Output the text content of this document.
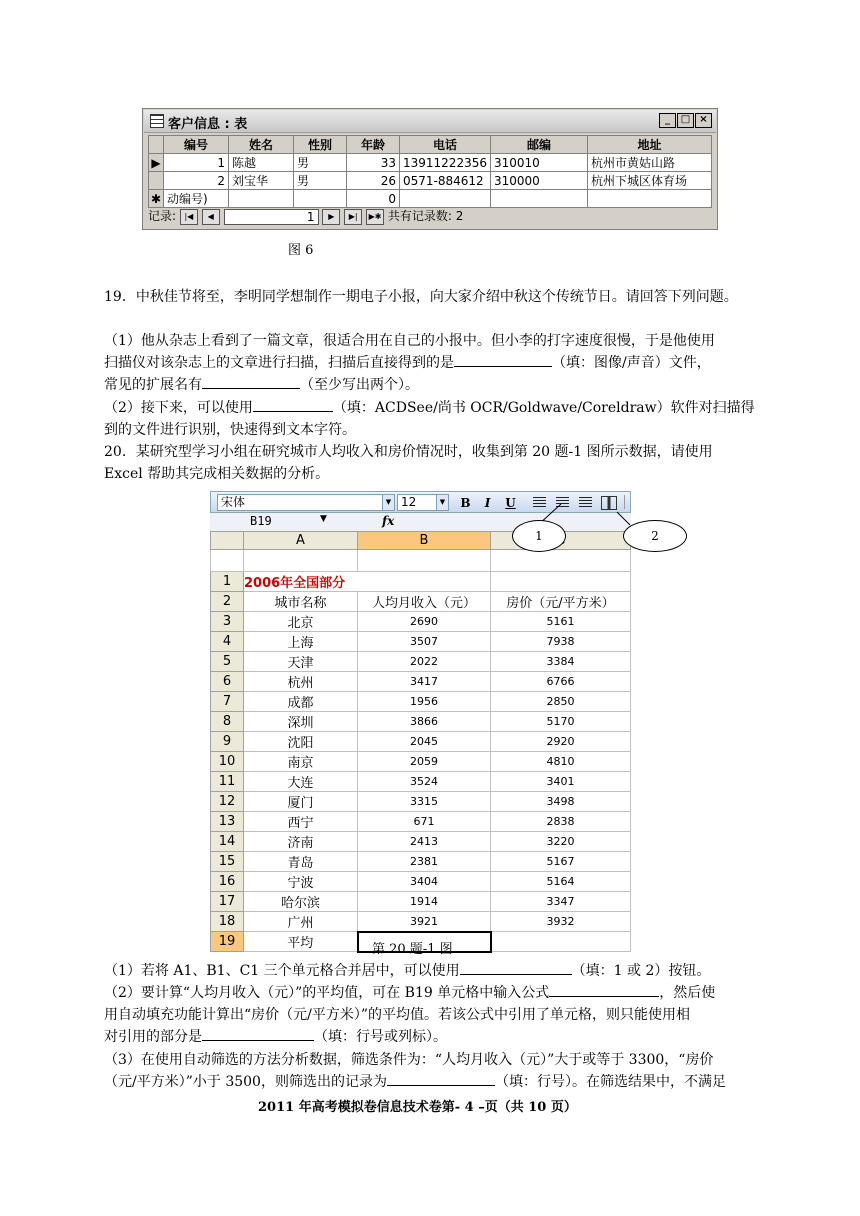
客户信息 : 表	_	□ ×
	编号	姓名	性别	年龄	电话	邮编	地址
▶	1	陈越	男	33	13911222356	310010	杭州市黄姑山路
	2	刘宝华	男	26	0571-884612	310000	杭州下城区体育场
✱	动编号)			0			
记录: |◀ ◀	1 ▶ ▶| ▶✱ 共有记录数: 2
图 6
19．中秋佳节将至，李明同学想制作一期电子小报，向大家介绍中秋这个传统节日。请回答下列问题。
（1）他从杂志上看到了一篇文章，很适合用在自己的小报中。但小李的打字速度很慢，于是他使用
扫描仪对该杂志上的文章进行扫描，扫描后直接得到的是	（填：图像/声音）文件，
常见的扩展名有	（至少写出两个）。
（2）接下来，可以使用	（填：ACDSee/尚书 OCR/Goldwave/Coreldraw）软件对扫描得
到的文件进行识别，快速得到文本字符。
20．某研究型学习小组在研究城市人均收入和房价情况时，收集到第 20 题-1 图所示数据，请使用
Excel 帮助其完成相关数据的分析。
宋体	▼ 12	▼ B	I	U
B19	▼	fx
	A	B	

1	2006年全国部分		
2	城市名称	人均月收入（元）	房价（元/平方米）
3	北京	2690	5161
4	上海	3507	7938
5	天津	2022	3384
6	杭州	3417	6766
7	成都	1956	2850
8	深圳	3866	5170
9	沈阳	2045	2920
10	南京	2059	4810
11	大连	3524	3401
12	厦门	3315	3498
13	西宁	671	2838
14	济南	2413	3220
15	青岛	2381	5167
16	宁波	3404	5164
17	哈尔滨	1914	3347
18	广州	3921	3932
19	平均		
1	2
第 20 题-1 图
（1）若将 A1、B1、C1 三个单元格合并居中，可以使用	（填：1 或 2）按钮。
（2）要计算“人均月收入（元）”的平均值，可在 B19 单元格中输入公式	，然后使
用自动填充功能计算出“房价（元/平方米）”的平均值。若该公式中引用了单元格，则只能使用相
对引用的部分是	（填：行号或列标）。
（3）在使用自动筛选的方法分析数据，筛选条件为：“人均月收入（元）”大于或等于 3300，“房价
（元/平方米）”小于 3500，则筛选出的记录为	（填：行号）。在筛选结果中，不满足
2011 年高考模拟卷信息技术卷第- 4 –页（共 10 页）
